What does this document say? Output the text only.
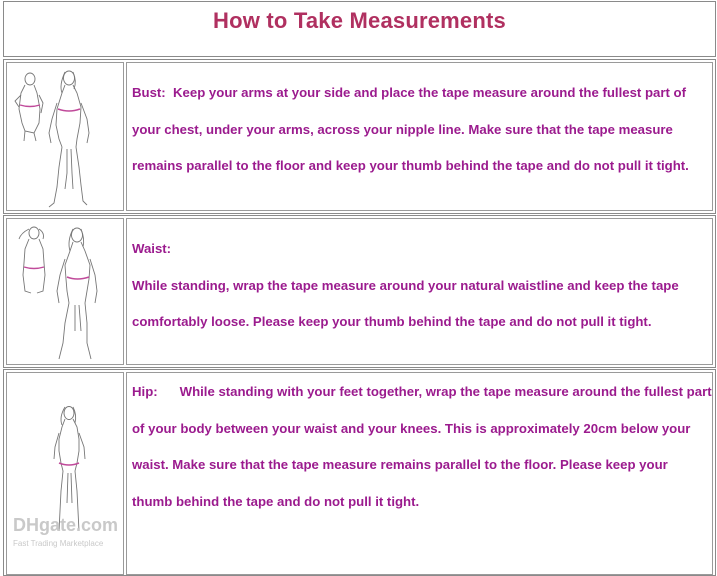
How to Take Measurements

Bust:  Keep your arms at your side and place the tape measure around the fullest part of

your chest, under your arms, across your nipple line. Make sure that the tape measure

remains parallel to the floor and keep your thumb behind the tape and do not pull it tight.

Waist:

While standing, wrap the tape measure around your natural waistline and keep the tape

comfortably loose. Please keep your thumb behind the tape and do not pull it tight.

DHgate.com
Fast Trading Marketplace

Hip:      While standing with your feet together, wrap the tape measure around the fullest part

of your body between your waist and your knees. This is approximately 20cm below your

waist. Make sure that the tape measure remains parallel to the floor. Please keep your

thumb behind the tape and do not pull it tight.
